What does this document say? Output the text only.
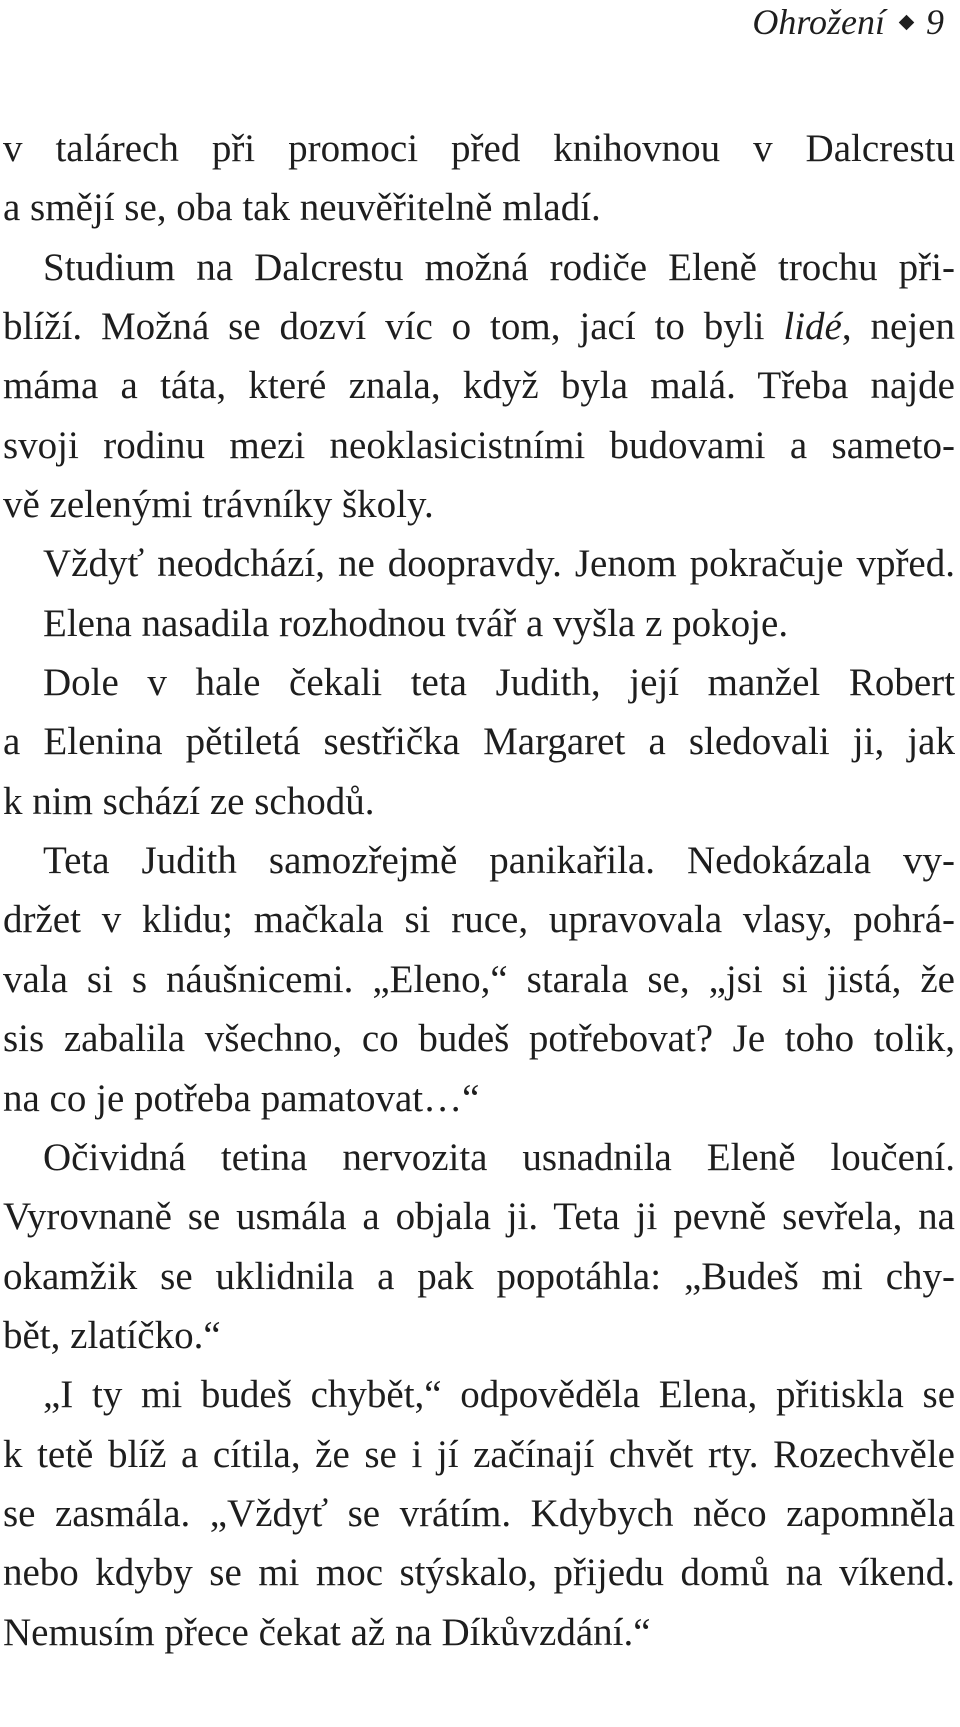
Ohrožení 9
v talárech při promoci před knihovnou v Dalcrestu
a smějí se, oba tak neuvěřitelně mladí.
Studium na Dalcrestu možná rodiče Eleně trochu při-
blíží. Možná se dozví víc o tom, jací to byli lidé, nejen
máma a táta, které znala, když byla malá. Třeba najde
svoji rodinu mezi neoklasicistními budovami a sameto-
vě zelenými trávníky školy.
Vždyť neodchází, ne doopravdy. Jenom pokračuje vpřed.
Elena nasadila rozhodnou tvář a vyšla z pokoje.
Dole v hale čekali teta Judith, její manžel Robert
a Elenina pětiletá sestřička Margaret a sledovali ji, jak
k nim schází ze schodů.
Teta Judith samozřejmě panikařila. Nedokázala vy-
držet v klidu; mačkala si ruce, upravovala vlasy, pohrá-
vala si s náušnicemi. „Eleno,“ starala se, „jsi si jistá, že
sis zabalila všechno, co budeš potřebovat? Je toho tolik,
na co je potřeba pamatovat…“
Očividná tetina nervozita usnadnila Eleně loučení.
Vyrovnaně se usmála a objala ji. Teta ji pevně sevřela, na
okamžik se uklidnila a pak popotáhla: „Budeš mi chy-
bět, zlatíčko.“
„I ty mi budeš chybět,“ odpověděla Elena, přitiskla se
k tetě blíž a cítila, že se i jí začínají chvět rty. Rozechvěle
se zasmála. „Vždyť se vrátím. Kdybych něco zapomněla
nebo kdyby se mi moc stýskalo, přijedu domů na víkend.
Nemusím přece čekat až na Díkůvzdání.“
